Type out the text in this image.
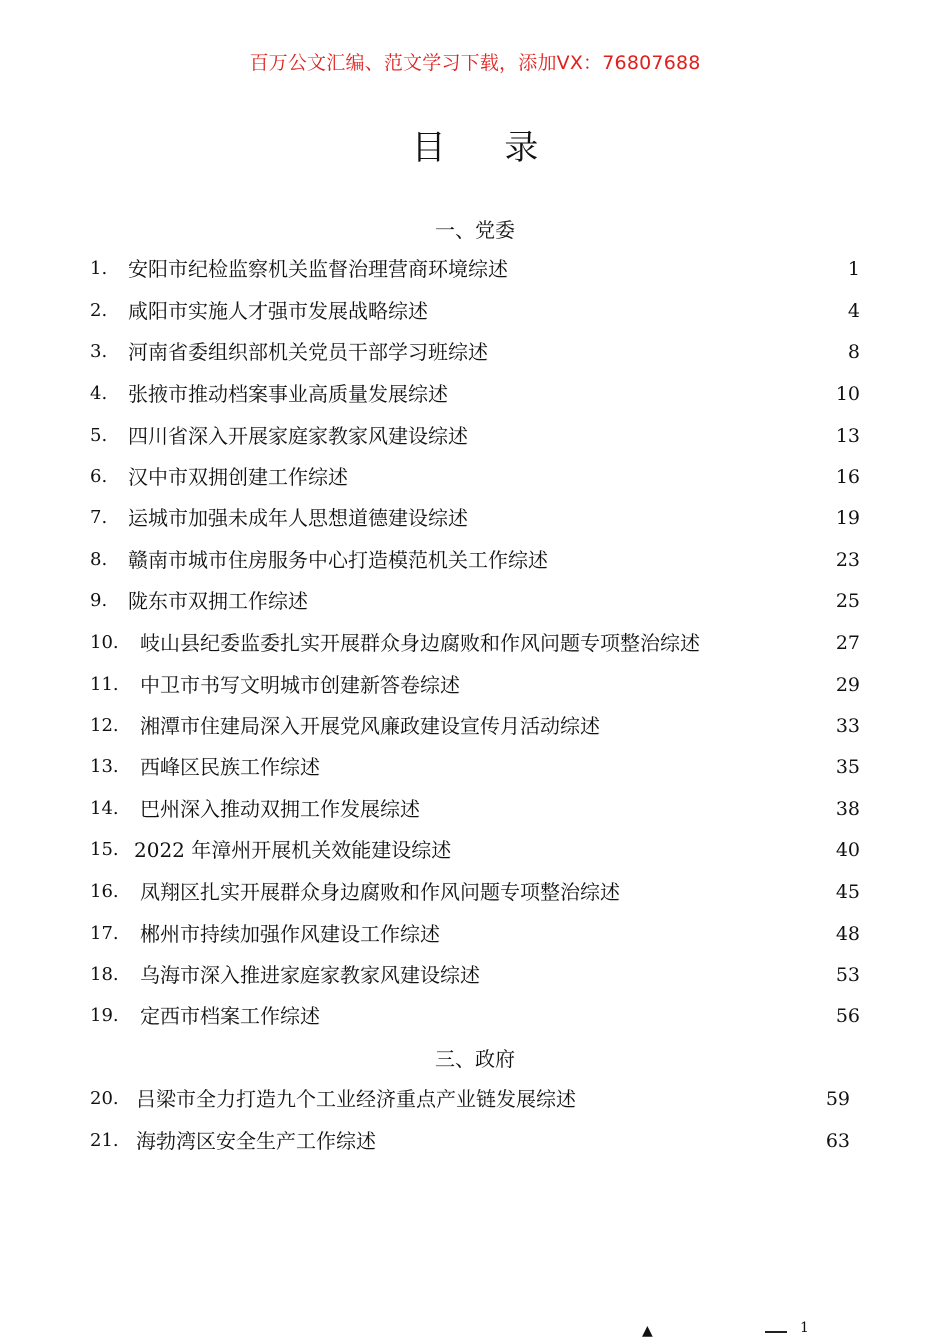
百万公文汇编、范文学习下载，添加VX：76807688
目 录
一、党委
1. 安阳市纪检监察机关监督治理营商环境综述	1
2. 咸阳市实施人才强市发展战略综述	4
3. 河南省委组织部机关党员干部学习班综述	8
4. 张掖市推动档案事业高质量发展综述	10
5. 四川省深入开展家庭家教家风建设综述	13
6. 汉中市双拥创建工作综述	16
7. 运城市加强未成年人思想道德建设综述	19
8. 赣南市城市住房服务中心打造模范机关工作综述	23
9. 陇东市双拥工作综述	25
10. 岐山县纪委监委扎实开展群众身边腐败和作风问题专项整治综述	27
11. 中卫市书写文明城市创建新答卷综述	29
12. 湘潭市住建局深入开展党风廉政建设宣传月活动综述	33
13. 西峰区民族工作综述	35
14. 巴州深入推动双拥工作发展综述	38
15. 2022 年漳州开展机关效能建设综述	40
16. 凤翔区扎实开展群众身边腐败和作风问题专项整治综述	45
17. 郴州市持续加强作风建设工作综述	48
18. 乌海市深入推进家庭家教家风建设综述	53
19. 定西市档案工作综述	56
三、政府
20. 吕梁市全力打造九个工业经济重点产业链发展综述	59
21. 海勃湾区安全生产工作综述	63
▲	1
